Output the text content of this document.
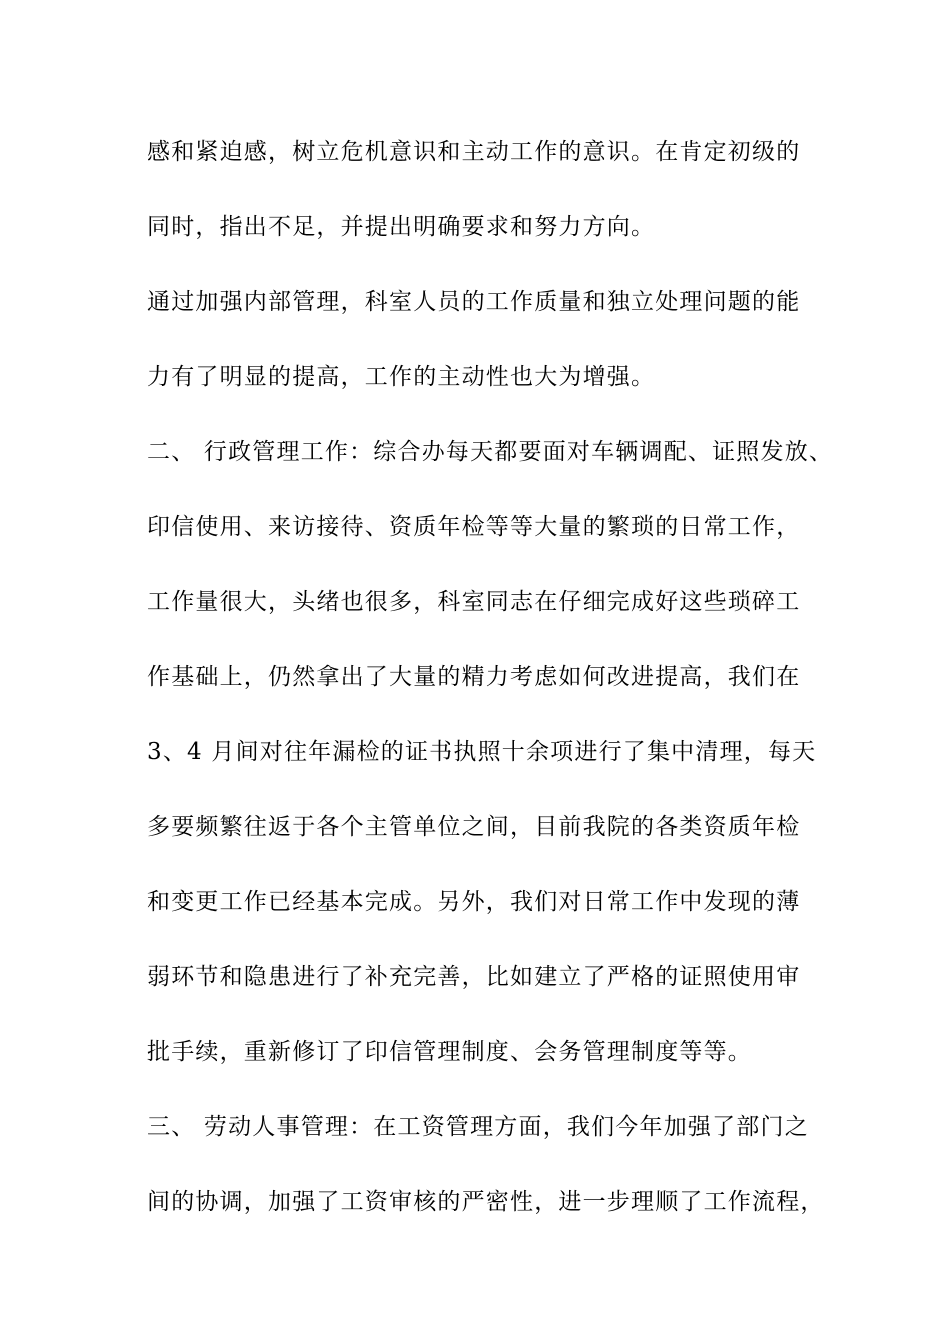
感和紧迫感，树立危机意识和主动工作的意识。在肯定初级的
同时，指出不足，并提出明确要求和努力方向。
通过加强内部管理，科室人员的工作质量和独立处理问题的能
力有了明显的提高，工作的主动性也大为增强。
二、 行政管理工作：综合办每天都要面对车辆调配、证照发放、
印信使用、来访接待、资质年检等等大量的繁琐的日常工作，
工作量很大，头绪也很多，科室同志在仔细完成好这些琐碎工
作基础上，仍然拿出了大量的精力考虑如何改进提高，我们在
3、4 月间对往年漏检的证书执照十余项进行了集中清理，每天
多要频繁往返于各个主管单位之间，目前我院的各类资质年检
和变更工作已经基本完成。另外，我们对日常工作中发现的薄
弱环节和隐患进行了补充完善，比如建立了严格的证照使用审
批手续，重新修订了印信管理制度、会务管理制度等等。
三、 劳动人事管理：在工资管理方面，我们今年加强了部门之
间的协调，加强了工资审核的严密性，进一步理顺了工作流程，
